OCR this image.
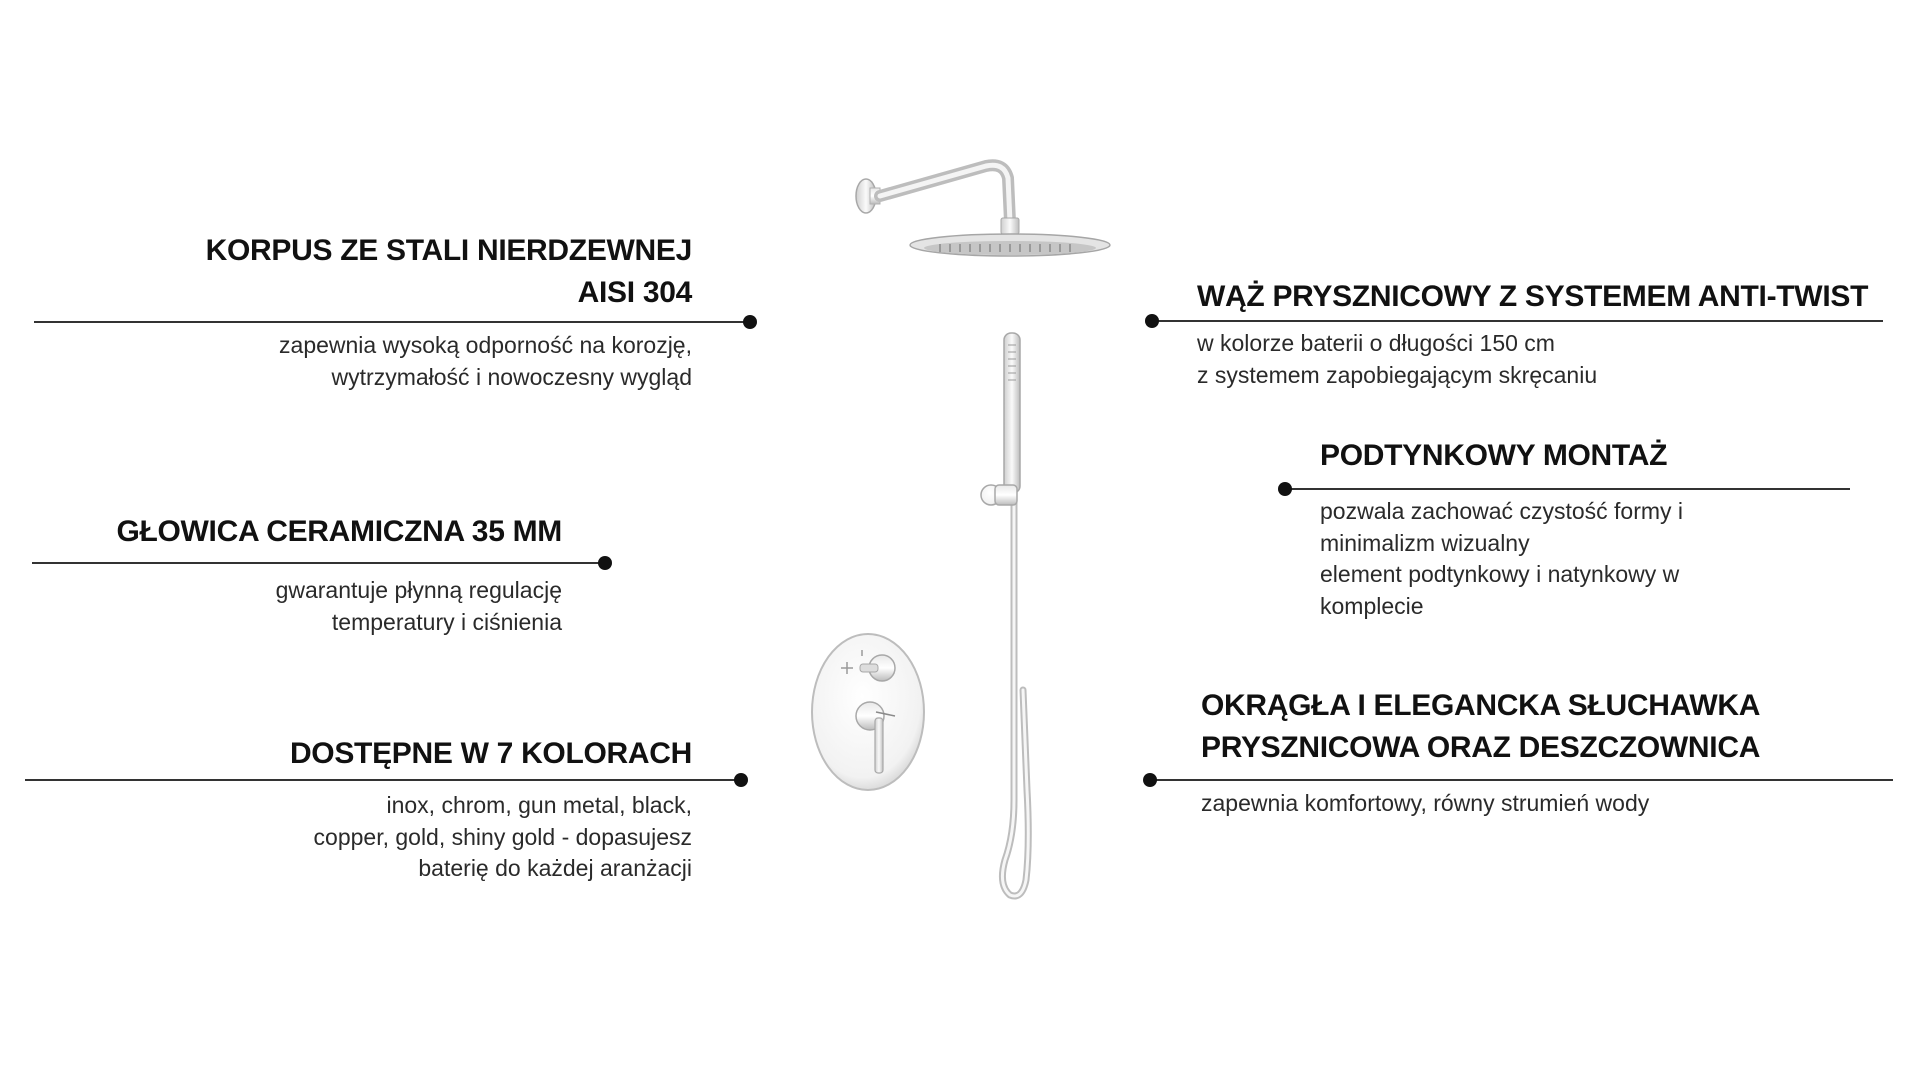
KORPUS ZE STALI NIERDZEWNEJ
AISI 304

zapewnia wysoką odporność na korozję,
wytrzymałość i nowoczesny wygląd

GŁOWICA CERAMICZNA 35 MM

gwarantuje płynną regulację
temperatury i ciśnienia

DOSTĘPNE W 7 KOLORACH

inox, chrom, gun metal, black,
copper, gold, shiny gold - dopasujesz
baterię do każdej aranżacji

WĄŻ PRYSZNICOWY Z SYSTEMEM ANTI-TWIST

w kolorze baterii o długości 150 cm
z systemem zapobiegającym skręcaniu

PODTYNKOWY MONTAŻ

pozwala zachować czystość formy i
minimalizm wizualny
element podtynkowy i natynkowy w
komplecie

OKRĄGŁA I ELEGANCKA SŁUCHAWKA
PRYSZNICOWA ORAZ DESZCZOWNICA

zapewnia komfortowy, równy strumień wody
